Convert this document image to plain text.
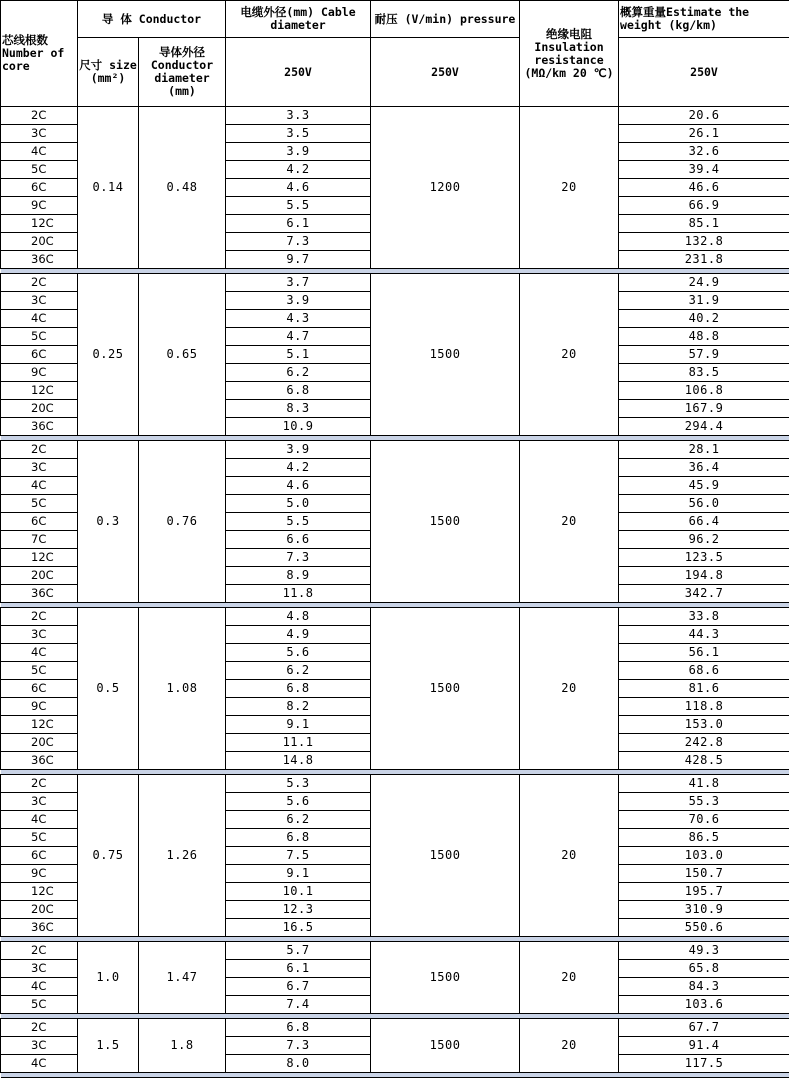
芯线根数 Number of core	导 体 Conductor		电缆外径(mm) Cable diameter	耐压 (V/min) pressure	绝缘电阻 Insulation resistance (MΩ/km 20 ℃)	概算重量Estimate the weight (kg/km)
	尺寸 size (mm²)	导体外径 Conductor diameter (mm)	250V	250V		250V
2C	0.14	0.48	3.3	1200	20	20.6
3C			3.5			26.1
4C			3.9			32.6
5C			4.2			39.4
6C			4.6			46.6
9C			5.5			66.9
12C			6.1			85.1
20C			7.3			132.8
36C			9.7			231.8

2C	0.25	0.65	3.7	1500	20	24.9
3C			3.9			31.9
4C			4.3			40.2
5C			4.7			48.8
6C			5.1			57.9
9C			6.2			83.5
12C			6.8			106.8
20C			8.3			167.9
36C			10.9			294.4

2C	0.3	0.76	3.9	1500	20	28.1
3C			4.2			36.4
4C			4.6			45.9
5C			5.0			56.0
6C			5.5			66.4
7C			6.6			96.2
12C			7.3			123.5
20C			8.9			194.8
36C			11.8			342.7

2C	0.5	1.08	4.8	1500	20	33.8
3C			4.9			44.3
4C			5.6			56.1
5C			6.2			68.6
6C			6.8			81.6
9C			8.2			118.8
12C			9.1			153.0
20C			11.1			242.8
36C			14.8			428.5

2C	0.75	1.26	5.3	1500	20	41.8
3C			5.6			55.3
4C			6.2			70.6
5C			6.8			86.5
6C			7.5			103.0
9C			9.1			150.7
12C			10.1			195.7
20C			12.3			310.9
36C			16.5			550.6

2C	1.0	1.47	5.7	1500	20	49.3
3C			6.1			65.8
4C			6.7			84.3
5C			7.4			103.6

2C	1.5	1.8	6.8	1500	20	67.7
3C			7.3			91.4
4C			8.0			117.5
